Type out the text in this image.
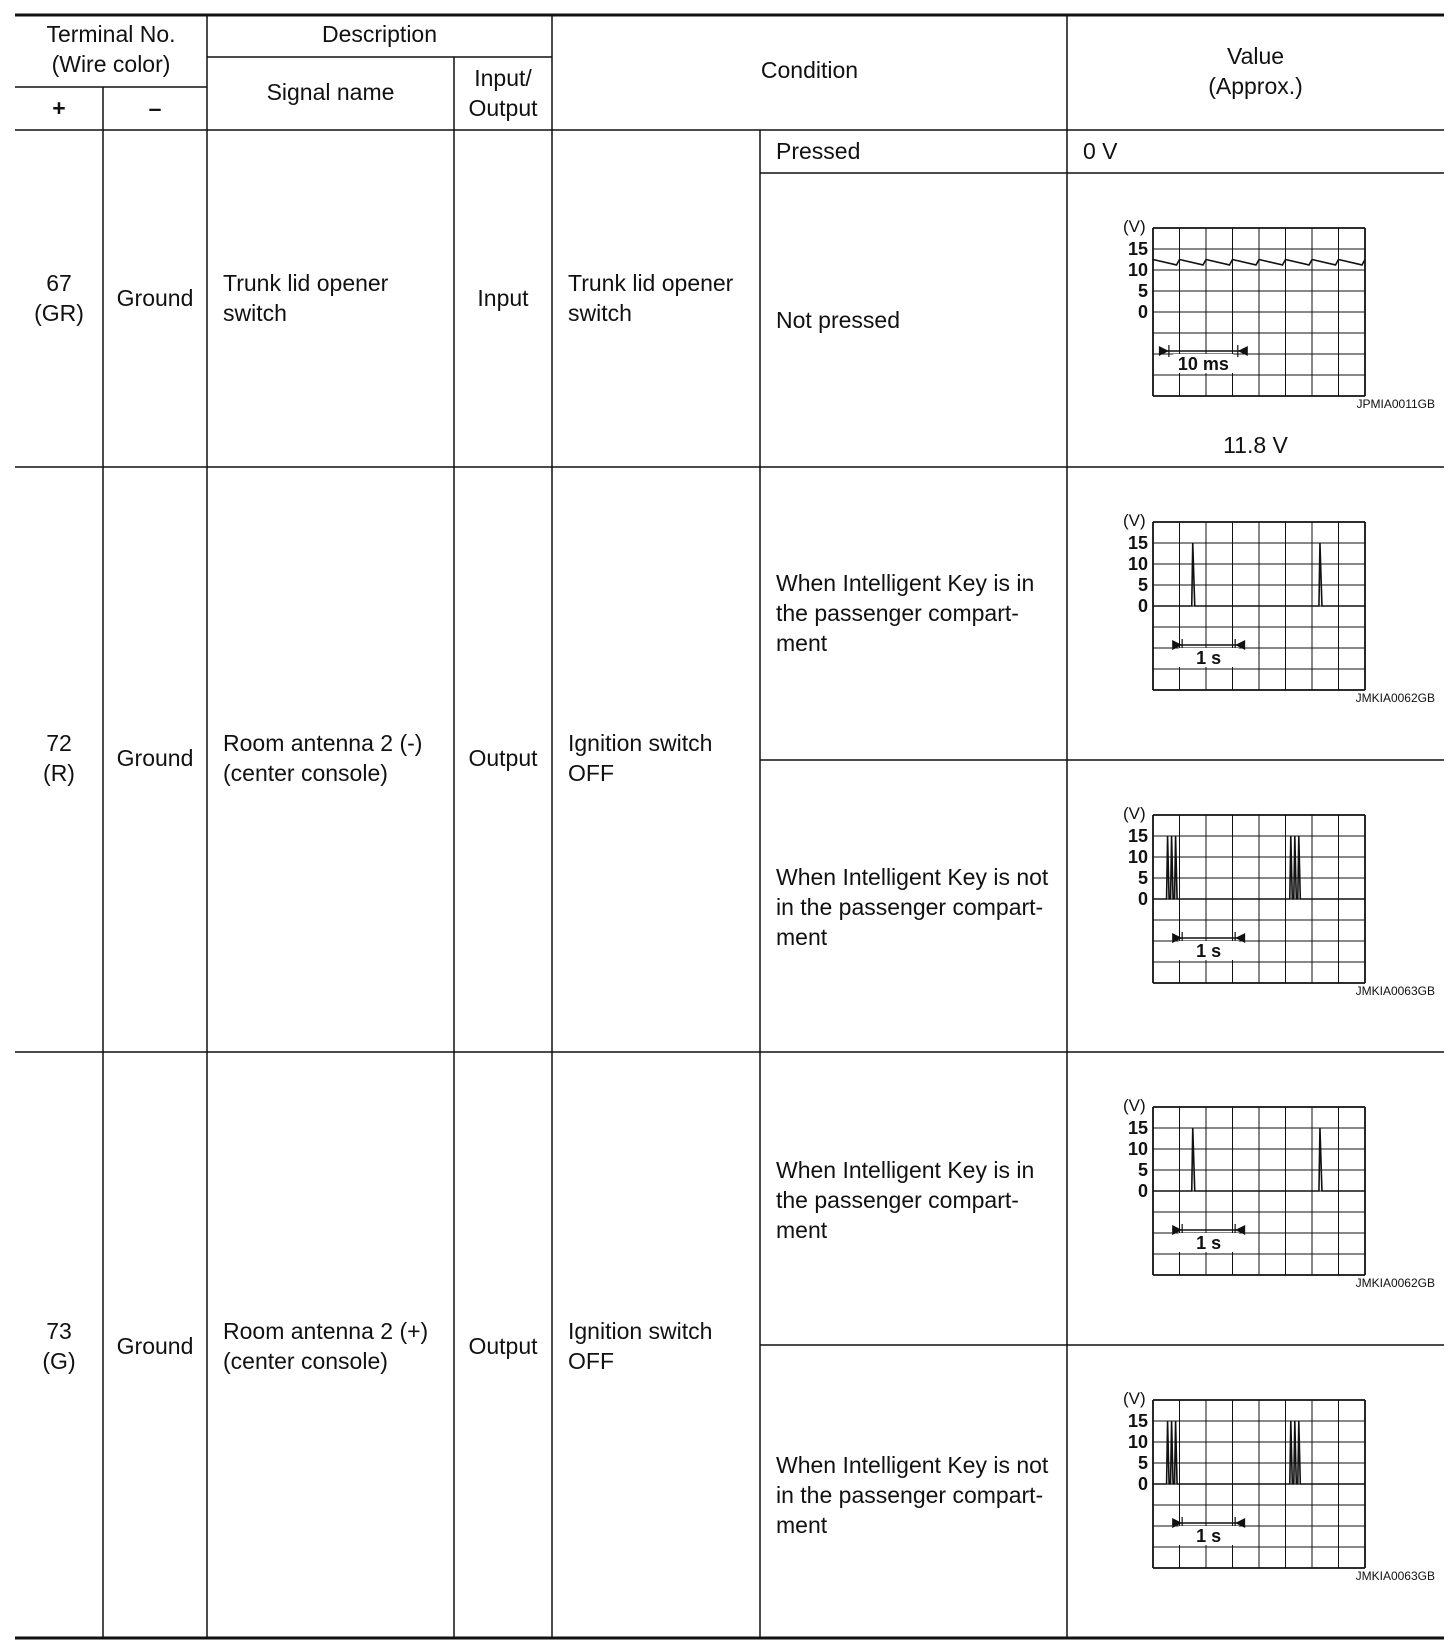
Terminal No.
(Wire color)
+	–
Description
Signal name
Input/
Output
Condition
Value
(Approx.)
67
(GR)
Ground
Trunk lid opener
switch
Input
Trunk lid opener
switch
Pressed	0 V
Not pressed
(V)
15
10
5
0
10 ms
JPMIA0011GB
11.8 V
72
(R)
Ground
Room antenna 2 (-)
(center console)
Output
Ignition switch
OFF
When Intelligent Key is in
the passenger compart-
ment
(V)
15
10
5
0
1 s
JMKIA0062GB
When Intelligent Key is not
in the passenger compart-
ment
(V)
15
10
5
0
1 s
JMKIA0063GB
73
(G)
Ground
Room antenna 2 (+)
(center console)
Output
Ignition switch
OFF
When Intelligent Key is in
the passenger compart-
ment
(V)
15
10
5
0
1 s
JMKIA0062GB
When Intelligent Key is not
in the passenger compart-
ment
(V)
15
10
5
0
1 s
JMKIA0063GB
